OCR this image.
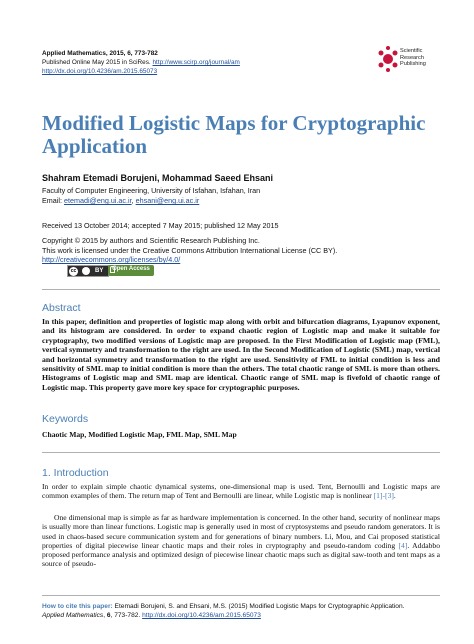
Applied Mathematics, 2015, 6, 773-782
Published Online May 2015 in SciRes. http://www.scirp.org/journal/am
http://dx.doi.org/10.4236/am.2015.65073
Scientific
Research
Publishing
Modified Logistic Maps for Cryptographic Application
Shahram Etemadi Borujeni, Mohammad Saeed Ehsani
Faculty of Computer Engineering, University of Isfahan, Isfahan, Iran
Email: etemadi@eng.ui.ac.ir, ehsani@eng.ui.ac.ir
Received 13 October 2014; accepted 7 May 2015; published 12 May 2015
Copyright © 2015 by authors and Scientific Research Publishing Inc.
This work is licensed under the Creative Commons Attribution International License (CC BY).
http://creativecommons.org/licenses/by/4.0/
cc	BY	Open Access
Abstract
In this paper, definition and properties of logistic map along with orbit and bifurcation diagrams, Lyapunov exponent, and its histogram are considered. In order to expand chaotic region of Logistic map and make it suitable for cryptography, two modified versions of Logistic map are proposed. In the First Modification of Logistic map (FML), vertical symmetry and transformation to the right are used. In the Second Modification of Logistic (SML) map, vertical and horizontal symmetry and transformation to the right are used. Sensitivity of FML to initial condition is less and sensitivity of SML map to initial condition is more than the others. The total chaotic range of SML is more than others. Histograms of Logistic map and SML map are identical. Chaotic range of SML map is fivefold of chaotic range of Logistic map. This property gave more key space for cryptographic purposes.
Keywords
Chaotic Map, Modified Logistic Map, FML Map, SML Map
1. Introduction
In order to explain simple chaotic dynamical systems, one-dimensional map is used. Tent, Bernoulli and Logistic maps are common examples of them. The return map of Tent and Bernoulli are linear, while Logistic map is nonlinear [1]-[3].
One dimensional map is simple as far as hardware implementation is concerned. In the other hand, security of nonlinear maps is usually more than linear functions. Logistic map is generally used in most of cryptosystems and pseudo random generators. It is used in chaos-based secure communication system and for generations of binary numbers. Li, Mou, and Cai proposed statistical properties of digital piecewise linear chaotic maps and their roles in cryptography and pseudo-random coding [4]. Addabbo proposed performance analysis and optimized design of piecewise linear chaotic maps such as digital saw-tooth and tent maps as a source of pseudo-
How to cite this paper: Etemadi Borujeni, S. and Ehsani, M.S. (2015) Modified Logistic Maps for Cryptographic Application.
Applied Mathematics, 6, 773-782. http://dx.doi.org/10.4236/am.2015.65073
